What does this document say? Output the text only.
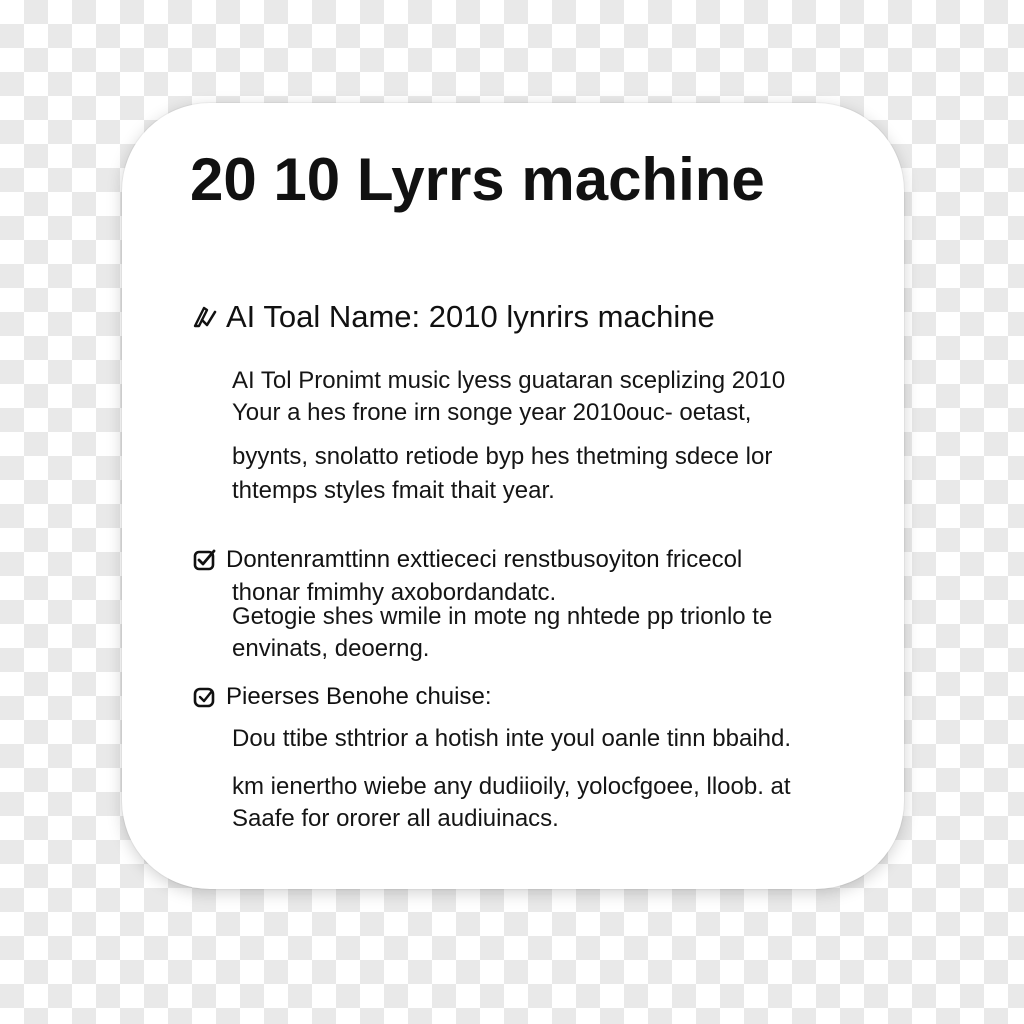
20 10 Lyrrs machine
AI Toal Name: 2010 lynrirs machine

AI Tol Pronimt music lyess guataran sceplizing 2010

Your a hes frone irn songe year 2010ouc- oetast,

byynts, snolatto retiode byp hes thetming sdece lor

thtemps styles fmait thait year.

Dontenramttinn exttiececi renstbusoyiton fricecol

thonar fmimhy axobordandatc.

Getogie shes wmile in mote ng nhtede pp trionlo te

envinats, deoerng.

Pieerses Benohe chuise:

Dou ttibe sthtrior a hotish inte youl oanle tinn bbaihd.

km ienertho wiebe any dudiioily, yolocfgoee, lloob. at

Saafe for ororer all audiuinacs.
